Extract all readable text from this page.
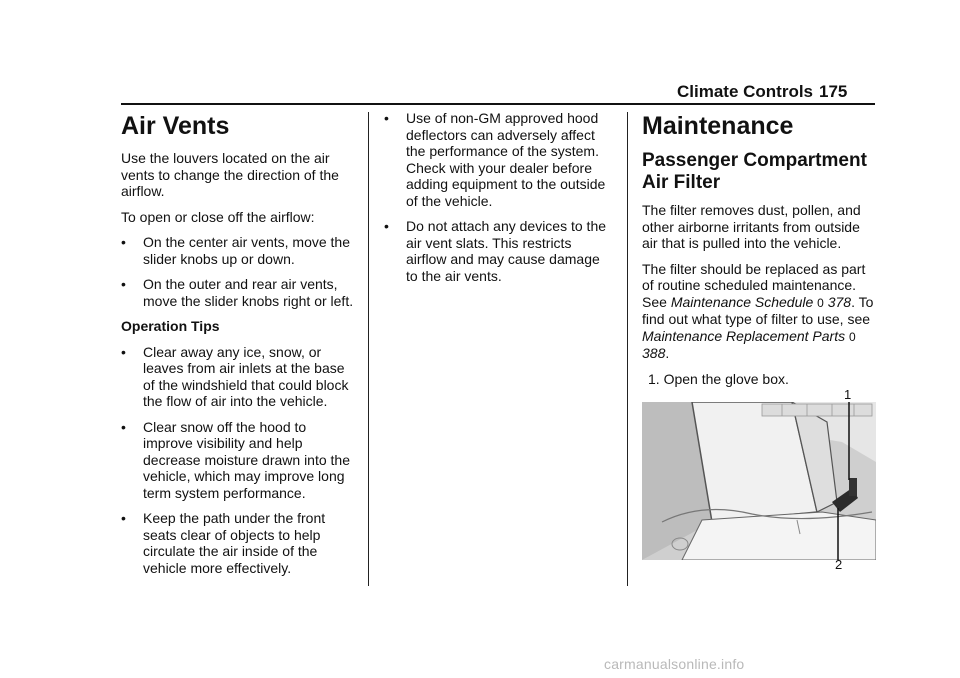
Climate Controls 175
Air Vents

Use the louvers located on the air vents to change the direction of the airflow.

To open or close off the airflow:

• On the center air vents, move the slider knobs up or down.
• On the outer and rear air vents, move the slider knobs right or left.
Operation Tips
• Clear away any ice, snow, or leaves from air inlets at the base of the windshield that could block the flow of air into the vehicle.
• Clear snow off the hood to improve visibility and help decrease moisture drawn into the vehicle, which may improve long term system performance.
• Keep the path under the front seats clear of objects to help circulate the air inside of the vehicle more effectively.
• Use of non-GM approved hood deflectors can adversely affect the performance of the system. Check with your dealer before adding equipment to the outside of the vehicle.
• Do not attach any devices to the air vent slats. This restricts airflow and may cause damage to the air vents.
Maintenance
Passenger Compartment Air Filter

The filter removes dust, pollen, and other airborne irritants from outside air that is pulled into the vehicle.

The filter should be replaced as part of routine scheduled maintenance. See Maintenance Schedule 0 378. To find out what type of filter to use, see Maintenance Replacement Parts 0 388.

1. Open the glove box.
1
2
carmanualsonline.info
